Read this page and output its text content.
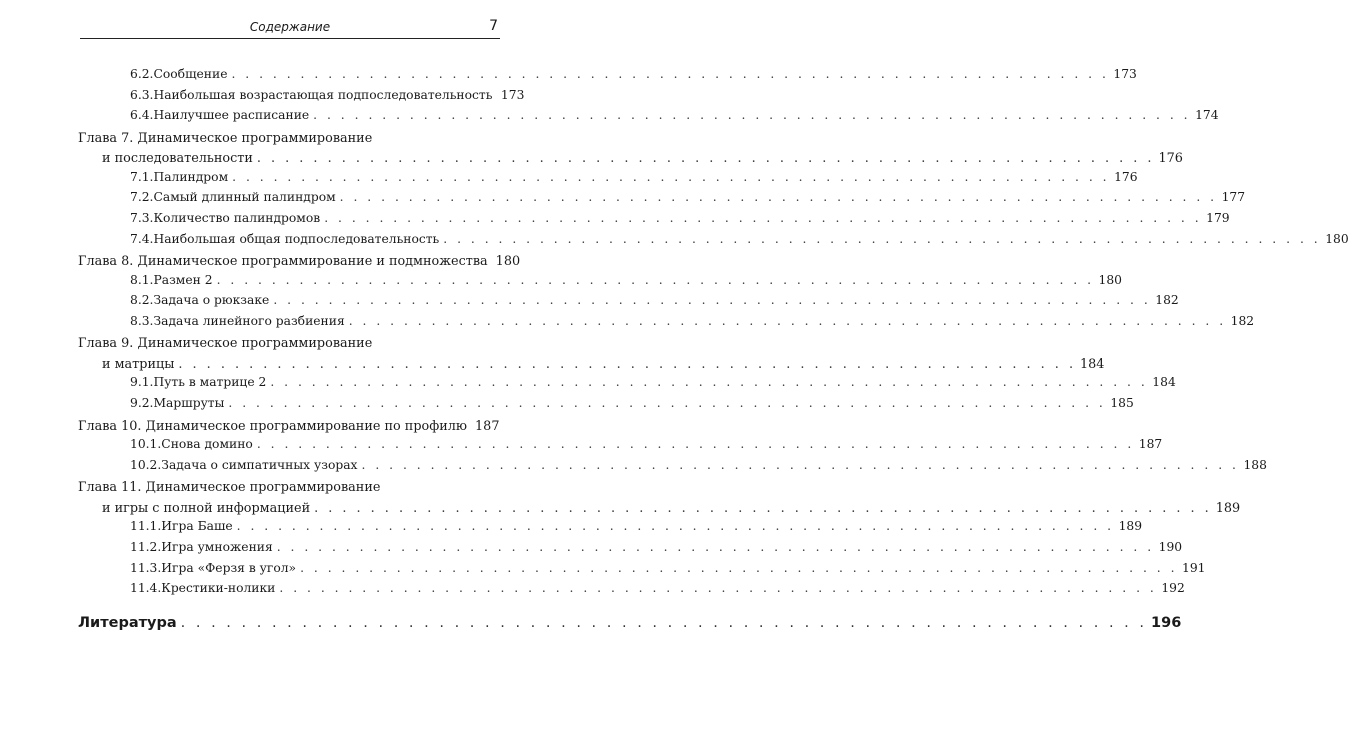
Содержание	7
6.2. Сообщение . . . . . . . . . . . . . . . . . . . . . . . . . . . . . . . . . . . . . . . . . . . . . . . . . . . . . . . . . . . . . . . . 173
6.3. Наибольшая возрастающая подпоследовательность 173
6.4. Наилучшее расписание . . . . . . . . . . . . . . . . . . . . . . . . . . . . . . . . . . . . . . . . . . . . . . . . . . . . . . . . . . . . . . . . 174
Глава 7. Динамическое программирование
и последовательности . . . . . . . . . . . . . . . . . . . . . . . . . . . . . . . . . . . . . . . . . . . . . . . . . . . . . . . . . . . . . . . . 176
7.1. Палиндром . . . . . . . . . . . . . . . . . . . . . . . . . . . . . . . . . . . . . . . . . . . . . . . . . . . . . . . . . . . . . . . . 176
7.2. Самый длинный палиндром . . . . . . . . . . . . . . . . . . . . . . . . . . . . . . . . . . . . . . . . . . . . . . . . . . . . . . . . . . . . . . . . 177
7.3. Количество палиндромов . . . . . . . . . . . . . . . . . . . . . . . . . . . . . . . . . . . . . . . . . . . . . . . . . . . . . . . . . . . . . . . . 179
7.4. Наибольшая общая подпоследовательность . . . . . . . . . . . . . . . . . . . . . . . . . . . . . . . . . . . . . . . . . . . . . . . . . . . . . . . . . . . . . . . . 180
Глава 8. Динамическое программирование и подмножества 180
8.1. Размен 2 . . . . . . . . . . . . . . . . . . . . . . . . . . . . . . . . . . . . . . . . . . . . . . . . . . . . . . . . . . . . . . . . 180
8.2. Задача о рюкзаке . . . . . . . . . . . . . . . . . . . . . . . . . . . . . . . . . . . . . . . . . . . . . . . . . . . . . . . . . . . . . . . . 182
8.3. Задача линейного разбиения . . . . . . . . . . . . . . . . . . . . . . . . . . . . . . . . . . . . . . . . . . . . . . . . . . . . . . . . . . . . . . . . 182
Глава 9. Динамическое программирование
и матрицы . . . . . . . . . . . . . . . . . . . . . . . . . . . . . . . . . . . . . . . . . . . . . . . . . . . . . . . . . . . . . . . . 184
9.1. Путь в матрице 2 . . . . . . . . . . . . . . . . . . . . . . . . . . . . . . . . . . . . . . . . . . . . . . . . . . . . . . . . . . . . . . . . 184
9.2. Маршруты . . . . . . . . . . . . . . . . . . . . . . . . . . . . . . . . . . . . . . . . . . . . . . . . . . . . . . . . . . . . . . . . 185
Глава 10. Динамическое программирование по профилю 187
10.1. Снова домино . . . . . . . . . . . . . . . . . . . . . . . . . . . . . . . . . . . . . . . . . . . . . . . . . . . . . . . . . . . . . . . . 187
10.2. Задача о симпатичных узорах . . . . . . . . . . . . . . . . . . . . . . . . . . . . . . . . . . . . . . . . . . . . . . . . . . . . . . . . . . . . . . . . 188
Глава 11. Динамическое программирование
и игры с полной информацией . . . . . . . . . . . . . . . . . . . . . . . . . . . . . . . . . . . . . . . . . . . . . . . . . . . . . . . . . . . . . . . . 189
11.1. Игра Баше . . . . . . . . . . . . . . . . . . . . . . . . . . . . . . . . . . . . . . . . . . . . . . . . . . . . . . . . . . . . . . . . 189
11.2. Игра умножения . . . . . . . . . . . . . . . . . . . . . . . . . . . . . . . . . . . . . . . . . . . . . . . . . . . . . . . . . . . . . . . . 190
11.3. Игра «Ферзя в угол» . . . . . . . . . . . . . . . . . . . . . . . . . . . . . . . . . . . . . . . . . . . . . . . . . . . . . . . . . . . . . . . . 191
11.4. Крестики-нолики . . . . . . . . . . . . . . . . . . . . . . . . . . . . . . . . . . . . . . . . . . . . . . . . . . . . . . . . . . . . . . . . 192
Литература . . . . . . . . . . . . . . . . . . . . . . . . . . . . . . . . . . . . . . . . . . . . . . . . . . . . . . . . . . . . . . . . 196
